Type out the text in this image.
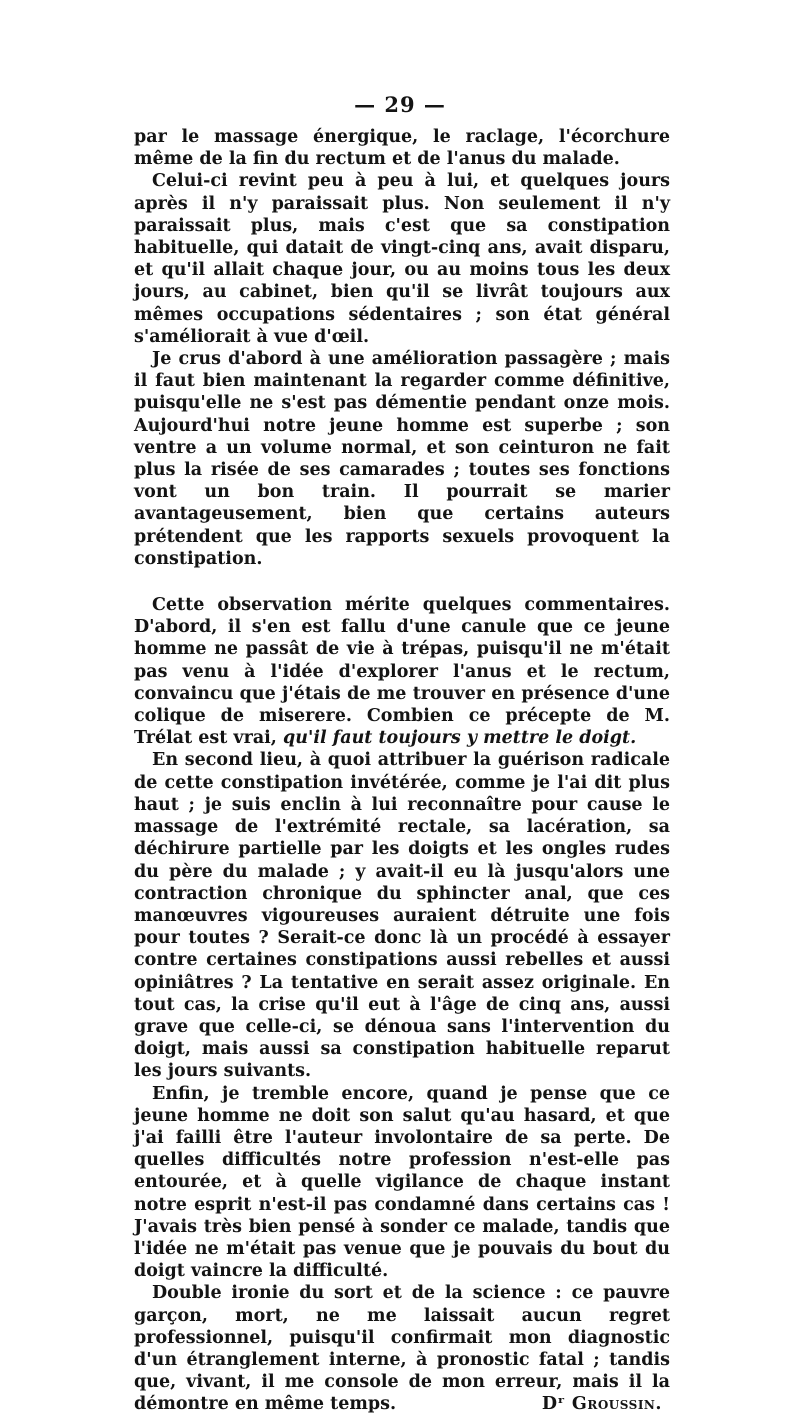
— 29 —

par le massage énergique, le raclage, l'écorchure même de la fin du rectum et de l'anus du malade.

Celui-ci revint peu à peu à lui, et quelques jours après il n'y paraissait plus. Non seulement il n'y paraissait plus, mais c'est que sa constipation habituelle, qui datait de vingt-cinq ans, avait disparu, et qu'il allait chaque jour, ou au moins tous les deux jours, au cabinet, bien qu'il se livrât toujours aux mêmes occupations sédentaires ; son état général s'améliorait à vue d'œil.

Je crus d'abord à une amélioration passagère ; mais il faut bien maintenant la regarder comme définitive, puisqu'elle ne s'est pas démentie pendant onze mois. Aujourd'hui notre jeune homme est superbe ; son ventre a un volume normal, et son ceinturon ne fait plus la risée de ses camarades ; toutes ses fonctions vont un bon train. Il pourrait se marier avantageusement, bien que certains auteurs prétendent que les rapports sexuels provoquent la constipation.

Cette observation mérite quelques commentaires. D'abord, il s'en est fallu d'une canule que ce jeune homme ne passât de vie à trépas, puisqu'il ne m'était pas venu à l'idée d'explorer l'anus et le rectum, convaincu que j'étais de me trouver en présence d'une colique de miserere. Combien ce précepte de M. Trélat est vrai, qu'il faut toujours y mettre le doigt.

En second lieu, à quoi attribuer la guérison radicale de cette constipation invétérée, comme je l'ai dit plus haut ; je suis enclin à lui reconnaître pour cause le massage de l'extrémité rectale, sa lacération, sa déchirure partielle par les doigts et les ongles rudes du père du malade ; y avait-il eu là jusqu'alors une contraction chronique du sphincter anal, que ces manœuvres vigoureuses auraient détruite une fois pour toutes ? Serait-ce donc là un procédé à essayer contre certaines constipations aussi rebelles et aussi opiniâtres ? La tentative en serait assez originale. En tout cas, la crise qu'il eut à l'âge de cinq ans, aussi grave que celle-ci, se dénoua sans l'intervention du doigt, mais aussi sa constipation habituelle reparut les jours suivants.

Enfin, je tremble encore, quand je pense que ce jeune homme ne doit son salut qu'au hasard, et que j'ai failli être l'auteur involontaire de sa perte. De quelles difficultés notre profession n'est-elle pas entourée, et à quelle vigilance de chaque instant notre esprit n'est-il pas condamné dans certains cas ! J'avais très bien pensé à sonder ce malade, tandis que l'idée ne m'était pas venue que je pouvais du bout du doigt vaincre la difficulté.

Double ironie du sort et de la science : ce pauvre garçon, mort, ne me laissait aucun regret professionnel, puisqu'il confirmait mon diagnostic d'un étranglement interne, à pronostic fatal ; tandis que, vivant, il me console de mon erreur, mais il la démontre en même temps.	Dʳ Groussin.
